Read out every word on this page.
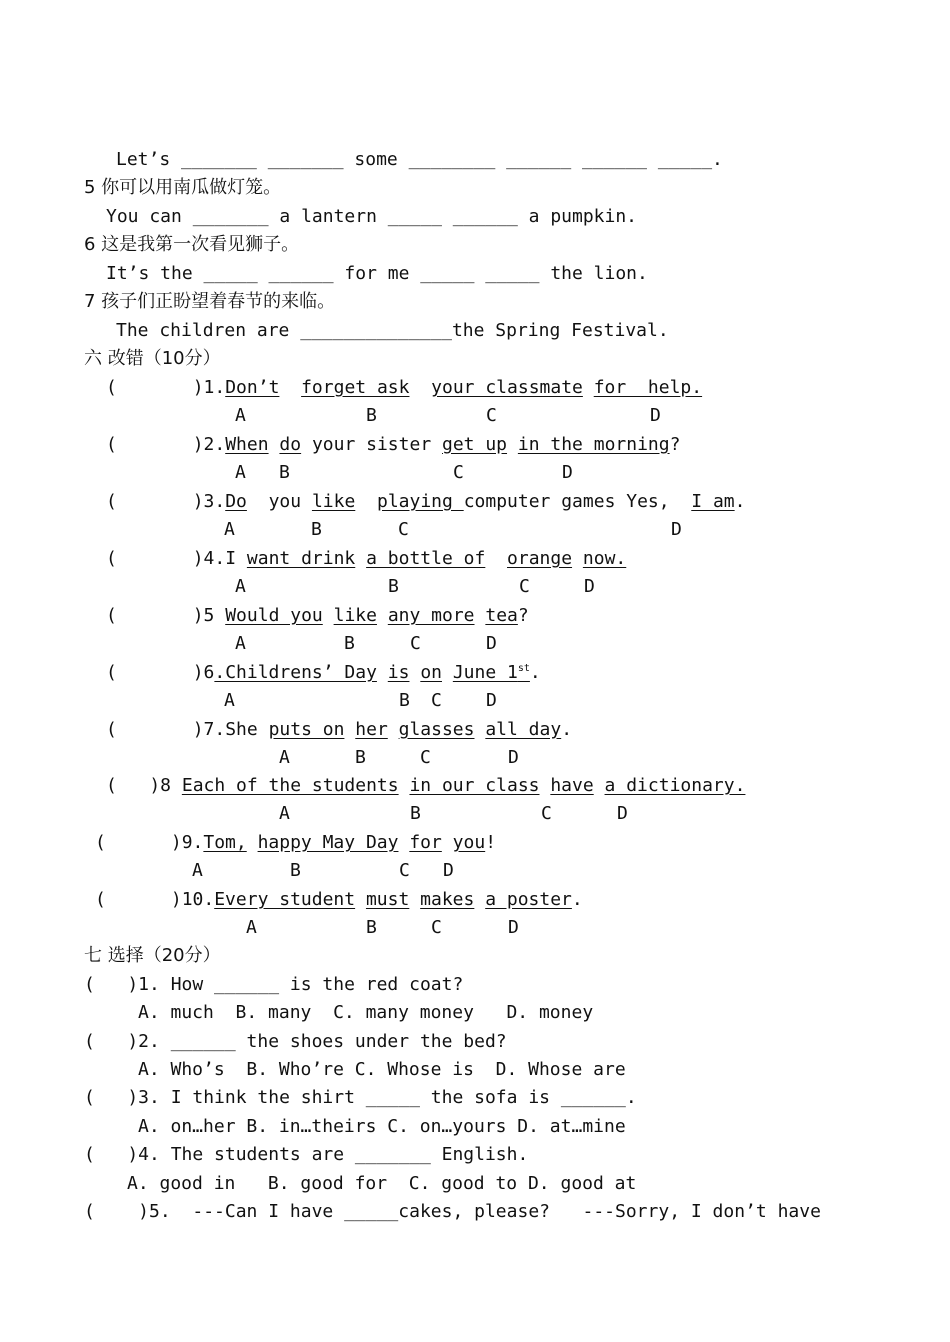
Let’s _______ _______ some ________ ______ ______ _____.
5 你可以用南瓜做灯笼。
You can _______ a lantern _____ ______ a pumpkin.
6 这是我第一次看见狮子。
It’s the _____ ______ for me _____ _____ the lion.
7 孩子们正盼望着春节的来临。
The children are ______________the Spring Festival.
六 改错（10分）
(       )1.Don’t forget ask your classmate for  help.
A	B	C	D
(       )2.When do your sister get up in the morning?
A B	C	D
(       )3.Do  you like playing computer games Yes,  I am.
A	B	C	D
(       )4.I want drink a bottle of orange now.
A	B	C	D
(       )5 Would you like any more tea?
A	B	C	D
(       )6.Childrens’ Day is on June 1st.
A	B C D
(       )7.She puts on her glasses all day.
A	B	C	D
(   )8 Each of the students in our class have a dictionary.
A	B	C	D
(      )9.Tom, happy May Day for you!
A	B	C D
(      )10.Every student must makes a poster.
A	B	C	D
七 选择（20分）
(   )1. How ______ is the red coat?
A. much  B. many  C. many money   D. money
(   )2. ______ the shoes under the bed?
A. Who’s  B. Who’re C. Whose is  D. Whose are
(   )3. I think the shirt _____ the sofa is ______.
A. on…her B. in…theirs C. on…yours D. at…mine
(   )4. The students are _______ English.
A. good in   B. good for  C. good to D. good at
(    )5.  ---Can I have _____cakes, please?   ---Sorry, I don’t have
